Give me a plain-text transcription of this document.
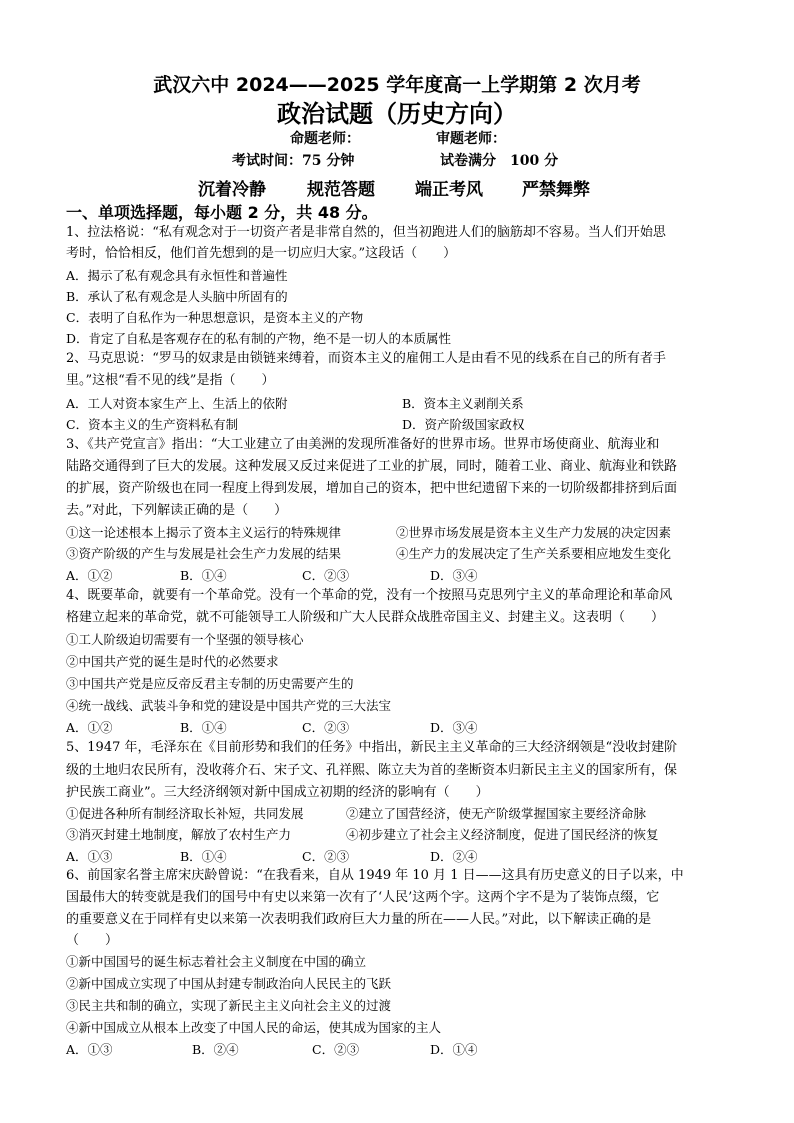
武汉六中 2024——2025 学年度高一上学期第 2 次月考
政治试题（历史方向）
命题老师：	审题老师：
考试时间：75 分钟	试卷满分　100 分
沉着冷静 规范答题 端正考风 严禁舞弊
一、单项选择题，每小题 2 分，共 48 分。
1、拉法格说：“私有观念对于一切资产者是非常自然的，但当初跑进人们的脑筋却不容易。当人们开始思
考时，恰恰相反，他们首先想到的是一切应归大家。”这段话（　　）
A．揭示了私有观念具有永恒性和普遍性
B．承认了私有观念是人头脑中所固有的
C．表明了自私作为一种思想意识，是资本主义的产物
D．肯定了自私是客观存在的私有制的产物，绝不是一切人的本质属性
2、马克思说：“罗马的奴隶是由锁链来缚着，而资本主义的雇佣工人是由看不见的线系在自己的所有者手
里。”这根“看不见的线”是指（　　）
A．工人对资本家生产上、生活上的依附	B．资本主义剥削关系
C．资本主义的生产资料私有制	D．资产阶级国家政权
3、《共产党宣言》指出：“大工业建立了由美洲的发现所准备好的世界市场。世界市场使商业、航海业和
陆路交通得到了巨大的发展。这种发展又反过来促进了工业的扩展，同时，随着工业、商业、航海业和铁路
的扩展，资产阶级也在同一程度上得到发展，增加自己的资本，把中世纪遗留下来的一切阶级都排挤到后面
去。”对此，下列解读正确的是（　　）
①这一论述根本上揭示了资本主义运行的特殊规律	②世界市场发展是资本主义生产力发展的决定因素
③资产阶级的产生与发展是社会生产力发展的结果	④生产力的发展决定了生产关系要相应地发生变化
A．①②	B．①④	C．②③	D．③④
4、既要革命，就要有一个革命党。没有一个革命的党，没有一个按照马克思列宁主义的革命理论和革命风
格建立起来的革命党，就不可能领导工人阶级和广大人民群众战胜帝国主义、封建主义。这表明（　　）
①工人阶级迫切需要有一个坚强的领导核心
②中国共产党的诞生是时代的必然要求
③中国共产党是应反帝反君主专制的历史需要产生的
④统一战线、武装斗争和党的建设是中国共产党的三大法宝
A．①②	B．①④	C．②③	D．③④
5、1947 年，毛泽东在《目前形势和我们的任务》中指出，新民主主义革命的三大经济纲领是“没收封建阶
级的土地归农民所有，没收蒋介石、宋子文、孔祥熙、陈立夫为首的垄断资本归新民主主义的国家所有，保
护民族工商业”。三大经济纲领对新中国成立初期的经济的影响有（　　）
①促进各种所有制经济取长补短，共同发展	②建立了国营经济，使无产阶级掌握国家主要经济命脉
③消灭封建土地制度，解放了农村生产力	④初步建立了社会主义经济制度，促进了国民经济的恢复
A．①③	B．①④	C．②③	D．②④
6、前国家名誉主席宋庆龄曾说：“在我看来，自从 1949 年 10 月 1 日——这具有历史意义的日子以来，中
国最伟大的转变就是我们的国号中有史以来第一次有了‘人民’这两个字。这两个字不是为了装饰点缀，它
的重要意义在于同样有史以来第一次表明我们政府巨大力量的所在——人民。”对此，以下解读正确的是
（　　）
①新中国国号的诞生标志着社会主义制度在中国的确立
②新中国成立实现了中国从封建专制政治向人民民主的飞跃
③民主共和制的确立，实现了新民主主义向社会主义的过渡
④新中国成立从根本上改变了中国人民的命运，使其成为国家的主人
A．①③	B．②④	C．②③	D．①④
